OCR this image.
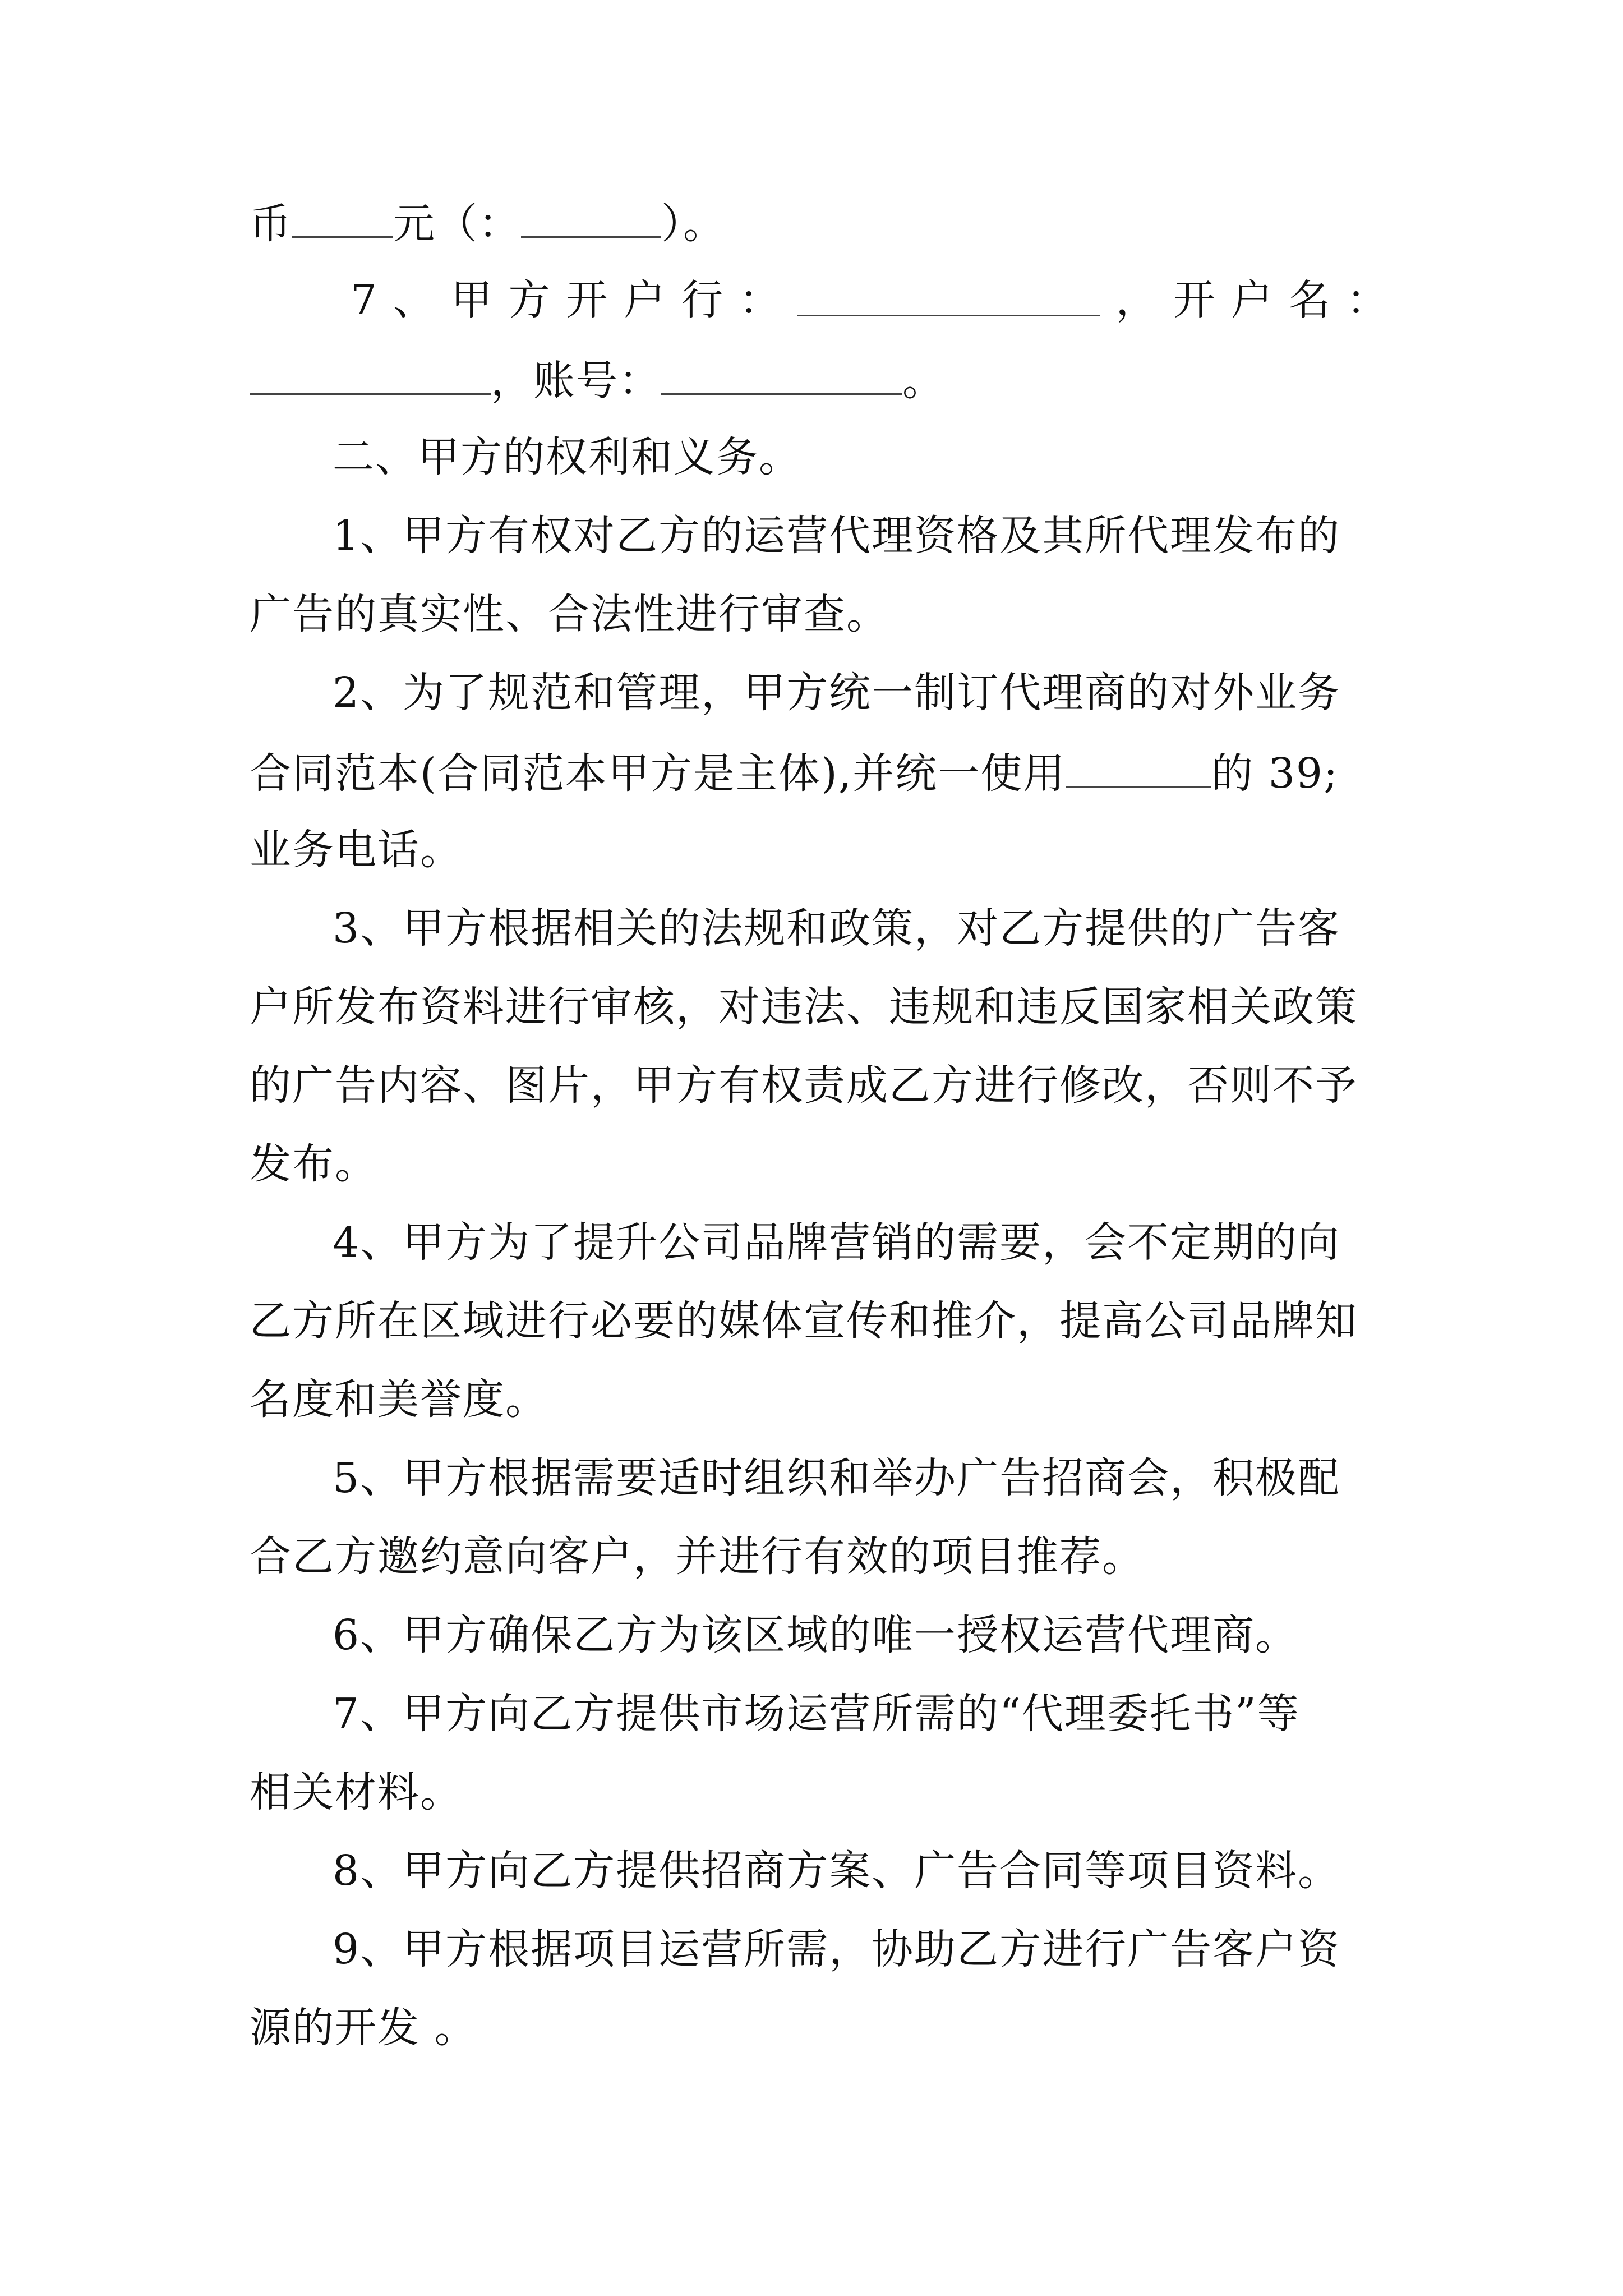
币 元（：	）。
7 、 甲 方 开 户 行 ：	， 开 户 名 ：
，账号：	。
二、甲方的权利和义务。
1、甲方有权对乙方的运营代理资格及其所代理发布的
广告的真实性、合法性进行审查。
2、为了规范和管理，甲方统一制订代理商的对外业务
合同范本(合同范本甲方是主体),并统一使用	的 39;
业务电话。
3、甲方根据相关的法规和政策，对乙方提供的广告客
户所发布资料进行审核，对违法、违规和违反国家相关政策
的广告内容、图片，甲方有权责成乙方进行修改，否则不予
发布。
4、甲方为了提升公司品牌营销的需要，会不定期的向
乙方所在区域进行必要的媒体宣传和推介，提高公司品牌知
名度和美誉度。
5、甲方根据需要适时组织和举办广告招商会，积极配
合乙方邀约意向客户，并进行有效的项目推荐。
6、甲方确保乙方为该区域的唯一授权运营代理商。
7、甲方向乙方提供市场运营所需的“代理委托书”等
相关材料。
8、甲方向乙方提供招商方案、广告合同等项目资料。
9、甲方根据项目运营所需，协助乙方进行广告客户资
源的开发 。
